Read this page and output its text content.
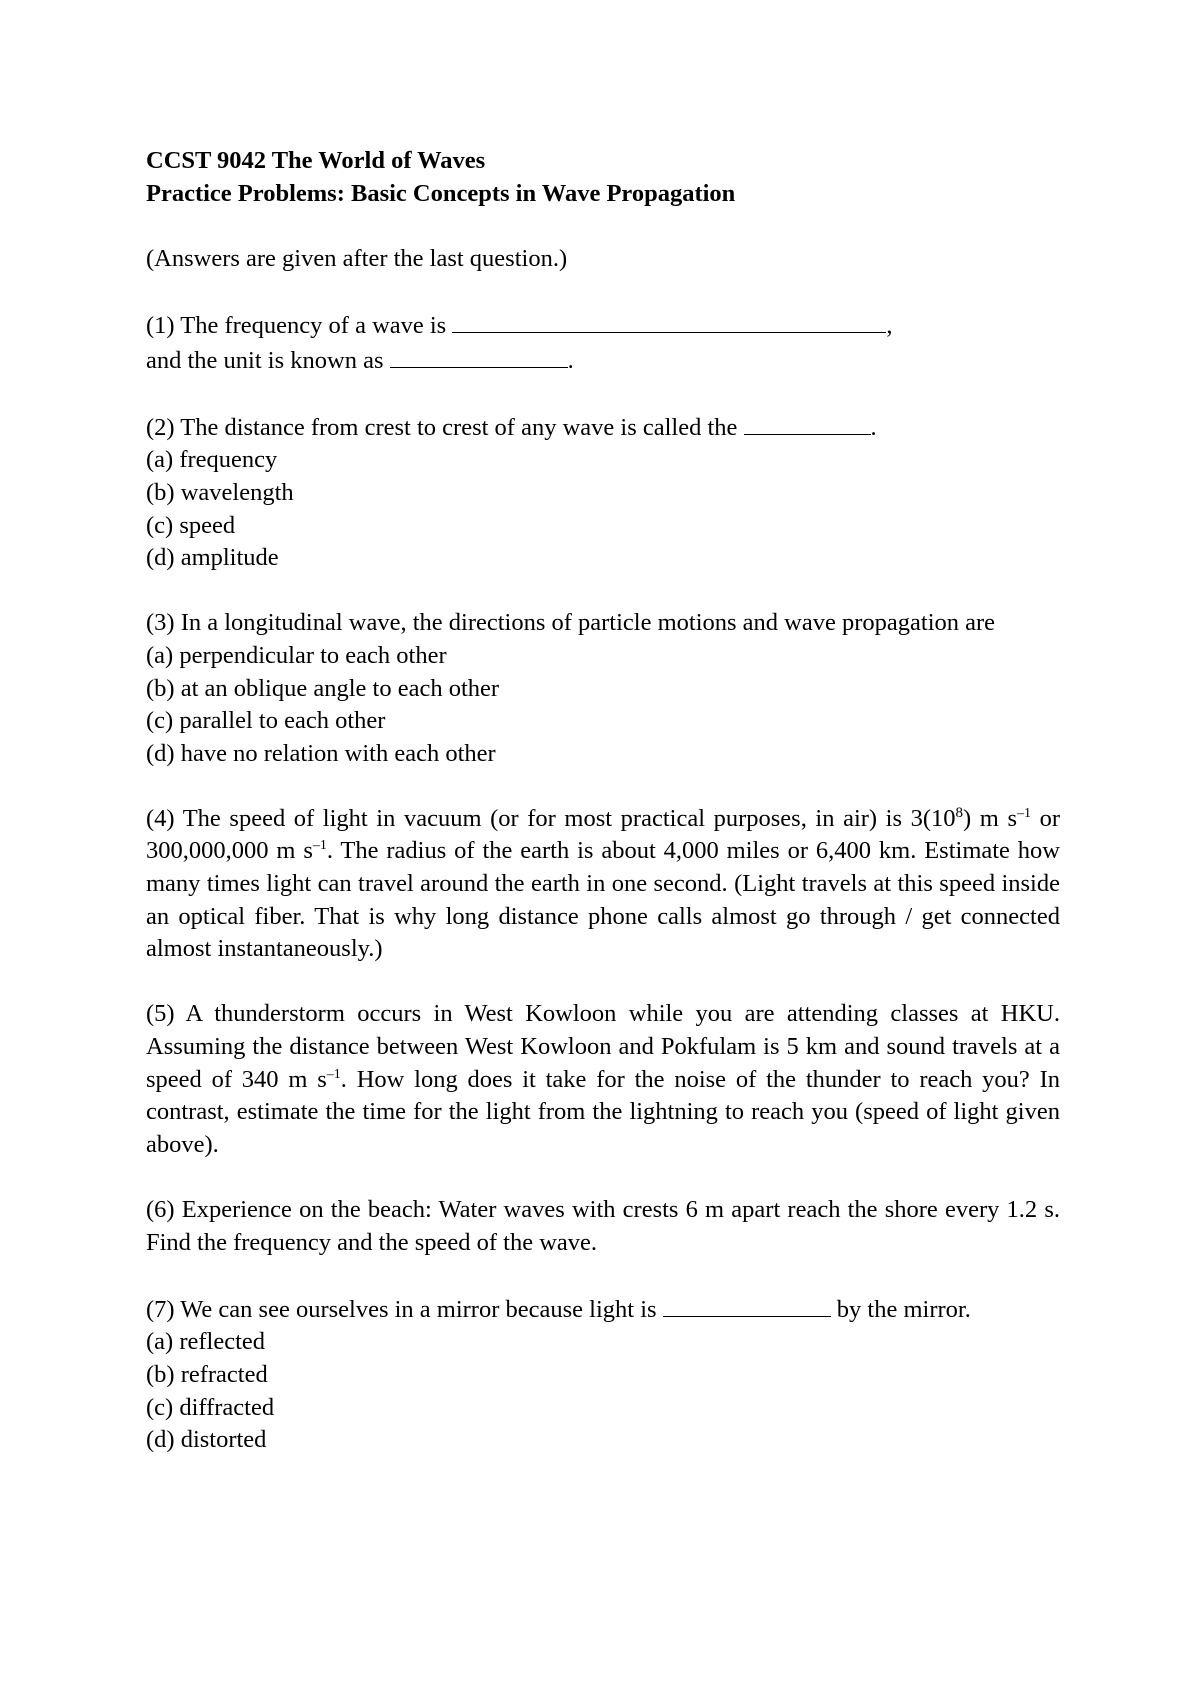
CCST 9042 The World of Waves
Practice Problems: Basic Concepts in Wave Propagation
(Answers are given after the last question.)
(1) The frequency of a wave is	,
and the unit is known as	.
(2) The distance from crest to crest of any wave is called the	.
(a) frequency
(b) wavelength
(c) speed
(d) amplitude
(3) In a longitudinal wave, the directions of particle motions and wave propagation are
(a) perpendicular to each other
(b) at an oblique angle to each other
(c) parallel to each other
(d) have no relation with each other
(4) The speed of light in vacuum (or for most practical purposes, in air) is $3(10^8)$ m $s^{-1}$ or 300,000,000 m $s^{-1}$. The radius of the earth is about 4,000 miles or 6,400 km. Estimate how many times light can travel around the earth in one second. (Light travels at this speed inside an optical fiber. That is why long distance phone calls almost go through / get connected almost instantaneously.)
(5) A thunderstorm occurs in West Kowloon while you are attending classes at HKU. Assuming the distance between West Kowloon and Pokfulam is 5 km and sound travels at a speed of 340 m $s^{-1}$. How long does it take for the noise of the thunder to reach you? In contrast, estimate the time for the light from the lightning to reach you (speed of light given above).
(6) Experience on the beach: Water waves with crests 6 m apart reach the shore every 1.2 s. Find the frequency and the speed of the wave.
(7) We can see ourselves in a mirror because light is	by the mirror.
(a) reflected
(b) refracted
(c) diffracted
(d) distorted
